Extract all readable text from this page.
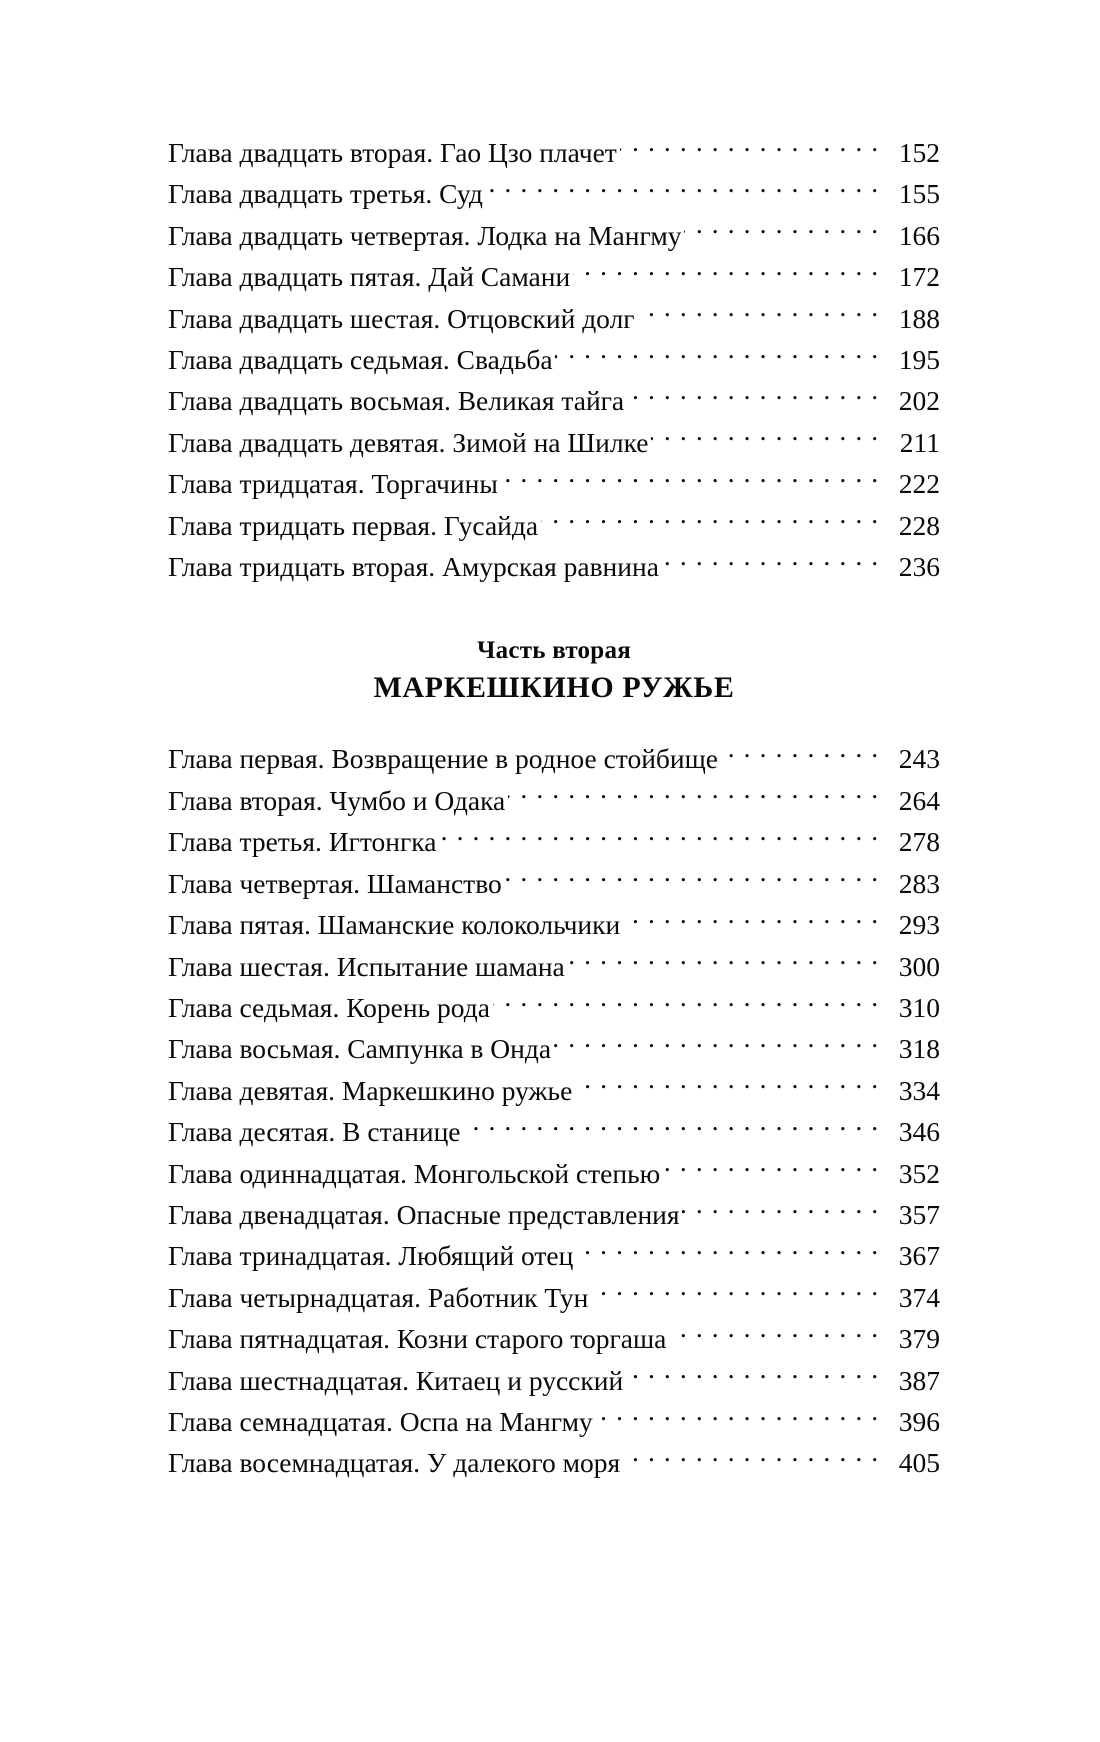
Глава двадцать вторая. Гао Цзо плачет . . .	152
Глава двадцать третья. Суд . . .	155
Глава двадцать четвертая. Лодка на Мангму . . .	166
Глава двадцать пятая. Дай Самани . . .	172
Глава двадцать шестая. Отцовский долг . . .	188
Глава двадцать седьмая. Свадьба . . .	195
Глава двадцать восьмая. Великая тайга . . .	202
Глава двадцать девятая. Зимой на Шилке . . .	211
Глава тридцатая. Торгачины . . .	222
Глава тридцать первая. Гусайда . . .	228
Глава тридцать вторая. Амурская равнина . . .	236
Часть вторая
МАРКЕШКИНО РУЖЬЕ
Глава первая. Возвращение в родное стойбище . . .	243
Глава вторая. Чумбо и Одака . . .	264
Глава третья. Игтонгка . . .	278
Глава четвертая. Шаманство . . .	283
Глава пятая. Шаманские колокольчики . . .	293
Глава шестая. Испытание шамана . . .	300
Глава седьмая. Корень рода . . .	310
Глава восьмая. Сампунка в Онда . . .	318
Глава девятая. Маркешкино ружье . . .	334
Глава десятая. В станице . . .	346
Глава одиннадцатая. Монгольской степью . . .	352
Глава двенадцатая. Опасные представления . . .	357
Глава тринадцатая. Любящий отец . . .	367
Глава четырнадцатая. Работник Тун . . .	374
Глава пятнадцатая. Козни старого торгаша . . .	379
Глава шестнадцатая. Китаец и русский . . .	387
Глава семнадцатая. Оспа на Мангму . . .	396
Глава восемнадцатая. У далекого моря . . .	405
